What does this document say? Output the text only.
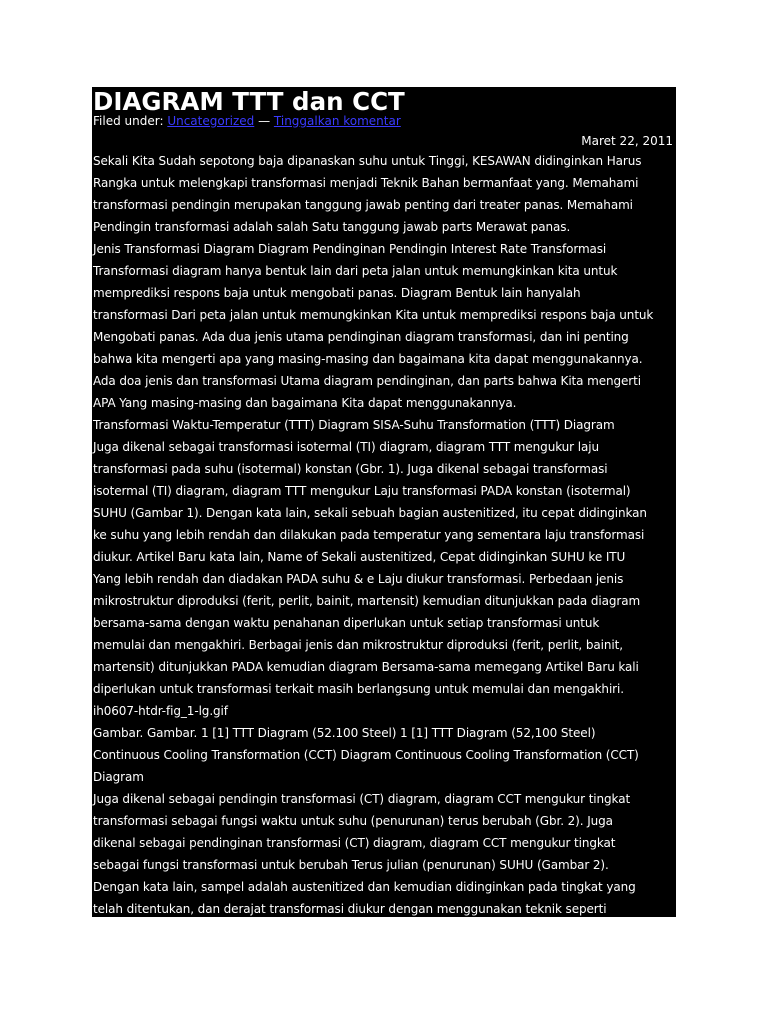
DIAGRAM TTT dan CCT
Filed under: Uncategorized — Tinggalkan komentar
Maret 22, 2011
Sekali Kita Sudah sepotong baja dipanaskan suhu untuk Tinggi, KESAWAN didinginkan Harus
Rangka untuk melengkapi transformasi menjadi Teknik Bahan bermanfaat yang. Memahami
transformasi pendingin merupakan tanggung jawab penting dari treater panas. Memahami
Pendingin transformasi adalah salah Satu tanggung jawab parts Merawat panas.
Jenis Transformasi Diagram Diagram Pendinginan Pendingin Interest Rate Transformasi
Transformasi diagram hanya bentuk lain dari peta jalan untuk memungkinkan kita untuk
memprediksi respons baja untuk mengobati panas. Diagram Bentuk lain hanyalah
transformasi Dari peta jalan untuk memungkinkan Kita untuk memprediksi respons baja untuk
Mengobati panas. Ada dua jenis utama pendinginan diagram transformasi, dan ini penting
bahwa kita mengerti apa yang masing-masing dan bagaimana kita dapat menggunakannya.
Ada doa jenis dan transformasi Utama diagram pendinginan, dan parts bahwa Kita mengerti
APA Yang masing-masing dan bagaimana Kita dapat menggunakannya.
Transformasi Waktu-Temperatur (TTT) Diagram SISA-Suhu Transformation (TTT) Diagram
Juga dikenal sebagai transformasi isotermal (TI) diagram, diagram TTT mengukur laju
transformasi pada suhu (isotermal) konstan (Gbr. 1). Juga dikenal sebagai transformasi
isotermal (TI) diagram, diagram TTT mengukur Laju transformasi PADA konstan (isotermal)
SUHU (Gambar 1). Dengan kata lain, sekali sebuah bagian austenitized, itu cepat didinginkan
ke suhu yang lebih rendah dan dilakukan pada temperatur yang sementara laju transformasi
diukur. Artikel Baru kata lain, Name of Sekali austenitized, Cepat didinginkan SUHU ke ITU
Yang lebih rendah dan diadakan PADA suhu & e Laju diukur transformasi. Perbedaan jenis
mikrostruktur diproduksi (ferit, perlit, bainit, martensit) kemudian ditunjukkan pada diagram
bersama-sama dengan waktu penahanan diperlukan untuk setiap transformasi untuk
memulai dan mengakhiri. Berbagai jenis dan mikrostruktur diproduksi (ferit, perlit, bainit,
martensit) ditunjukkan PADA kemudian diagram Bersama-sama memegang Artikel Baru kali
diperlukan untuk transformasi terkait masih berlangsung untuk memulai dan mengakhiri.
ih0607-htdr-fig_1-lg.gif
Gambar. Gambar. 1 [1] TTT Diagram (52.100 Steel) 1 [1] TTT Diagram (52,100 Steel)
Continuous Cooling Transformation (CCT) Diagram Continuous Cooling Transformation (CCT)
Diagram
Juga dikenal sebagai pendingin transformasi (CT) diagram, diagram CCT mengukur tingkat
transformasi sebagai fungsi waktu untuk suhu (penurunan) terus berubah (Gbr. 2). Juga
dikenal sebagai pendinginan transformasi (CT) diagram, diagram CCT mengukur tingkat
sebagai fungsi transformasi untuk berubah Terus julian (penurunan) SUHU (Gambar 2).
Dengan kata lain, sampel adalah austenitized dan kemudian didinginkan pada tingkat yang
telah ditentukan, dan derajat transformasi diukur dengan menggunakan teknik seperti
